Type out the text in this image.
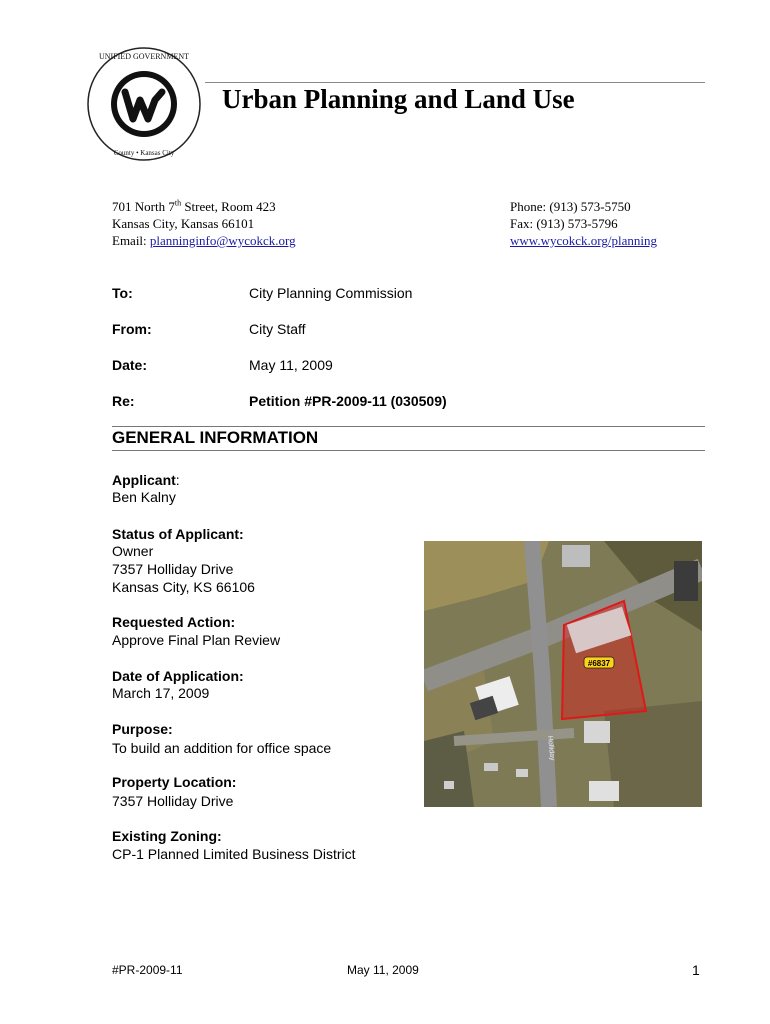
UNIFIED GOVERNMENT
County • Kansas City
Urban Planning and Land Use
701 North 7th Street, Room 423
Kansas City, Kansas 66101
Email: planninginfo@wycokck.org
Phone: (913) 573-5750
Fax: (913) 573-5796
www.wycokck.org/planning
To:	City Planning Commission
From:	City Staff
Date:	May 11, 2009
Re:	Petition #PR-2009-11 (030509)
GENERAL INFORMATION
Applicant:
Ben Kalny
Status of Applicant:
Owner
7357 Holliday Drive
Kansas City, KS 66106
Requested Action:
Approve Final Plan Review
Date of Application:
March 17, 2009
Purpose:
To build an addition for office space
Property Location:
7357 Holliday Drive
Existing Zoning:
CP-1 Planned Limited Business District
#6837
Holliday
#PR-2009-11	May 11, 2009	1
